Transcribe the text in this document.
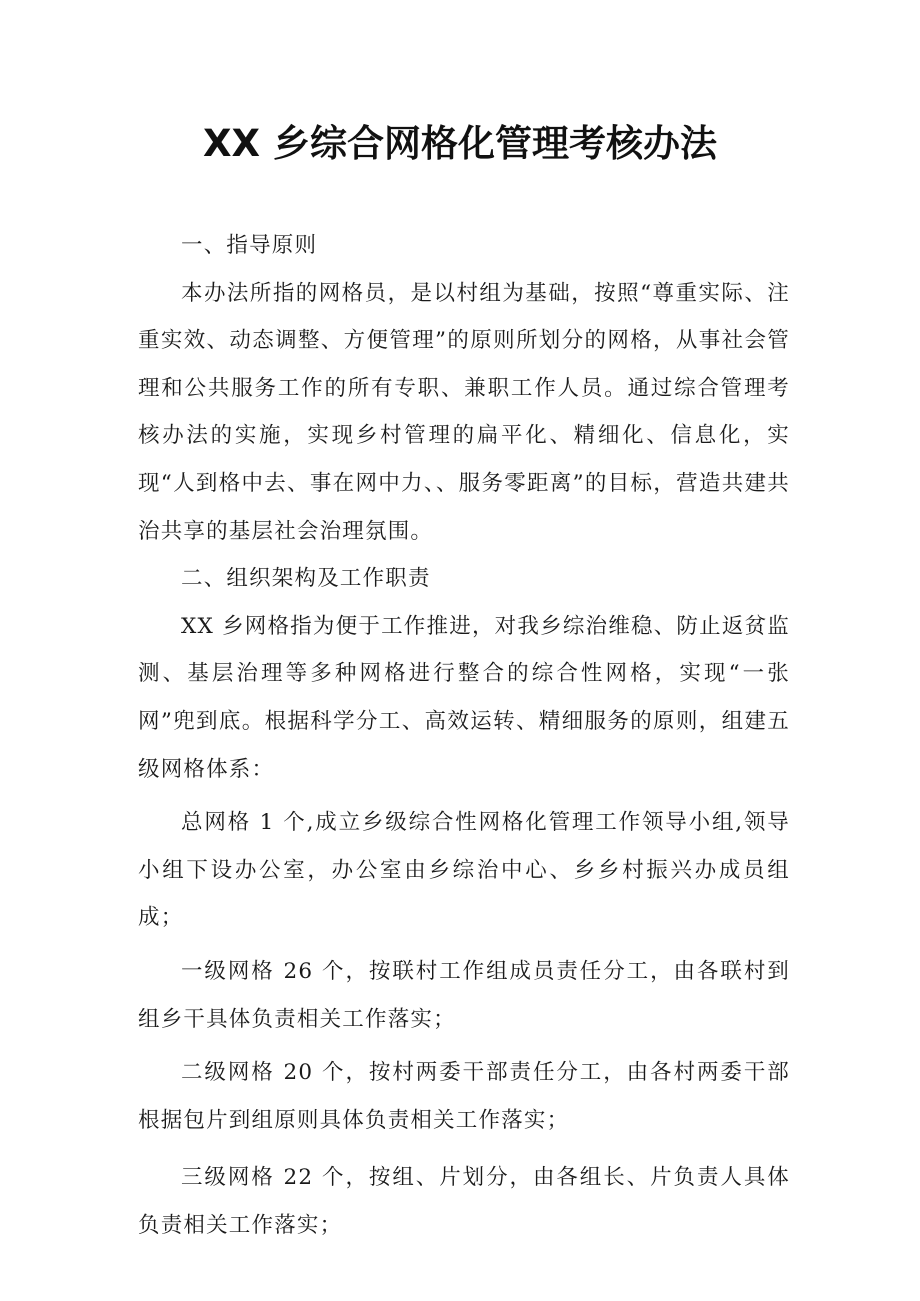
XX 乡综合网格化管理考核办法

一、指导原则

本办法所指的网格员，是以村组为基础，按照“尊重实际、注重实效、动态调整、方便管理”的原则所划分的网格，从事社会管理和公共服务工作的所有专职、兼职工作人员。通过综合管理考核办法的实施，实现乡村管理的扁平化、精细化、信息化，实现“人到格中去、事在网中力、、服务零距离”的目标，营造共建共治共享的基层社会治理氛围。

二、组织架构及工作职责

XX 乡网格指为便于工作推进，对我乡综治维稳、防止返贫监测、基层治理等多种网格进行整合的综合性网格，实现“一张网”兜到底。根据科学分工、高效运转、精细服务的原则，组建五级网格体系：

总网格 1 个,成立乡级综合性网格化管理工作领导小组,领导小组下设办公室，办公室由乡综治中心、乡乡村振兴办成员组成；

一级网格 26 个，按联村工作组成员责任分工，由各联村到组乡干具体负责相关工作落实；

二级网格 20 个，按村两委干部责任分工，由各村两委干部根据包片到组原则具体负责相关工作落实；

三级网格 22 个，按组、片划分，由各组长、片负责人具体负责相关工作落实；
